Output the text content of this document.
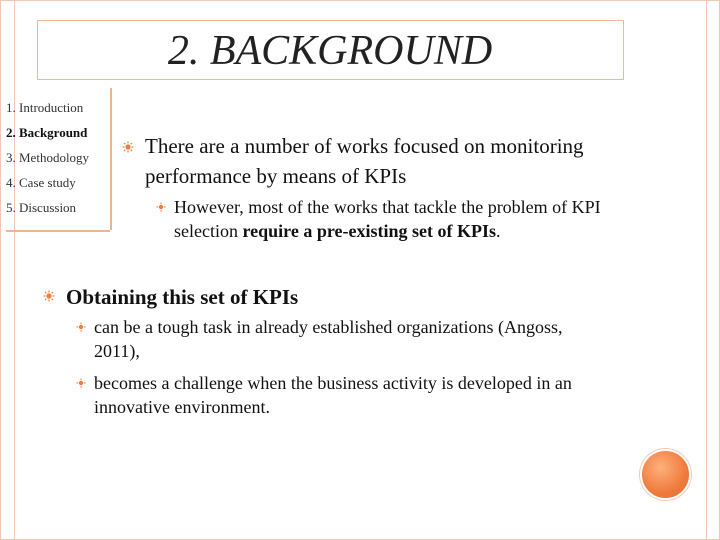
2. BACKGROUND
1. Introduction
2. Background
3. Methodology
4. Case study
5. Discussion
There are a number of works focused on monitoring
performance by means of KPIs
However, most of the works that tackle the problem of KPI
selection require a pre-existing set of KPIs.
Obtaining this set of KPIs
can be a tough task in already established organizations (Angoss,
2011),
becomes a challenge when the business activity is developed in an
innovative environment.
